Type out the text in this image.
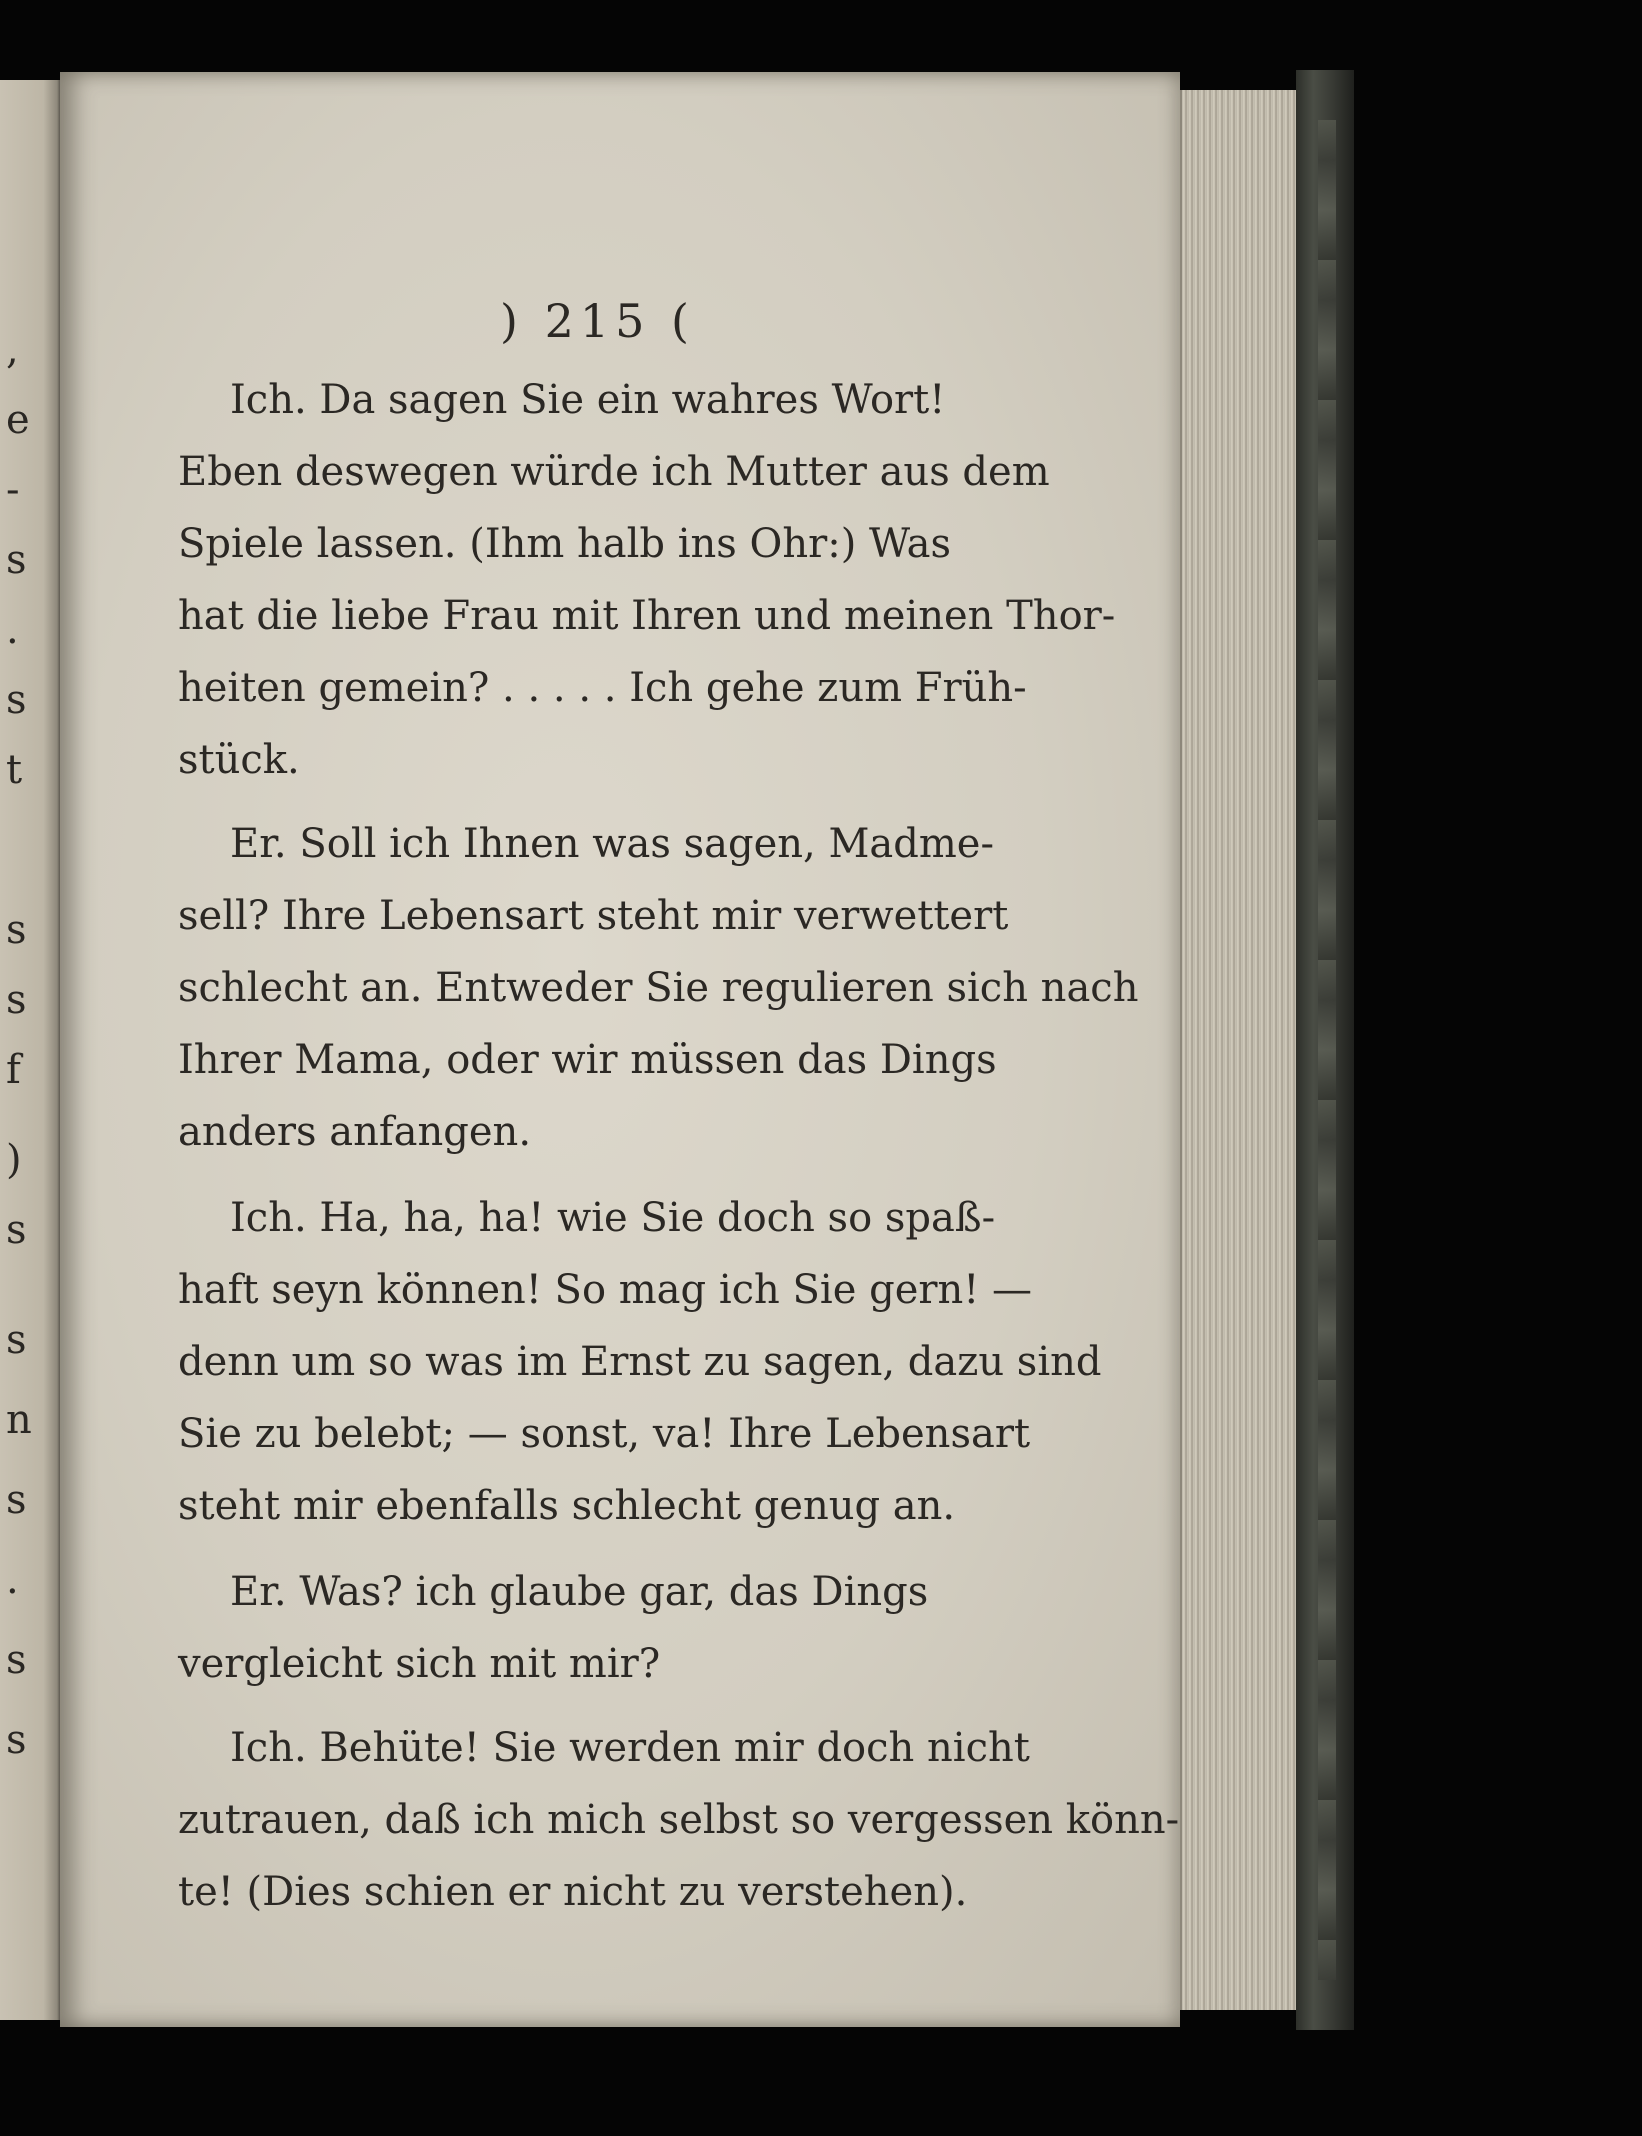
,
e
-
s
.
s
t
s
s
f
)
s
s
n
s
.
s
s
) 215 (
Ich. Da sagen Sie ein wahres Wort!
Eben deswegen würde ich Mutter aus dem
Spiele lassen. (Ihm halb ins Ohr:) Was
hat die liebe Frau mit Ihren und meinen Thor-
heiten gemein? . . . . . Ich gehe zum Früh-
stück.
Er. Soll ich Ihnen was sagen, Madme-
sell? Ihre Lebensart steht mir verwettert
schlecht an. Entweder Sie regulieren sich nach
Ihrer Mama, oder wir müssen das Dings
anders anfangen.
Ich. Ha, ha, ha! wie Sie doch so spaß-
haft seyn können! So mag ich Sie gern! —
denn um so was im Ernst zu sagen, dazu sind
Sie zu belebt; — sonst, va! Ihre Lebensart
steht mir ebenfalls schlecht genug an.
Er. Was? ich glaube gar, das Dings
vergleicht sich mit mir?
Ich. Behüte! Sie werden mir doch nicht
zutrauen, daß ich mich selbst so vergessen könn-
te! (Dies schien er nicht zu verstehen).
